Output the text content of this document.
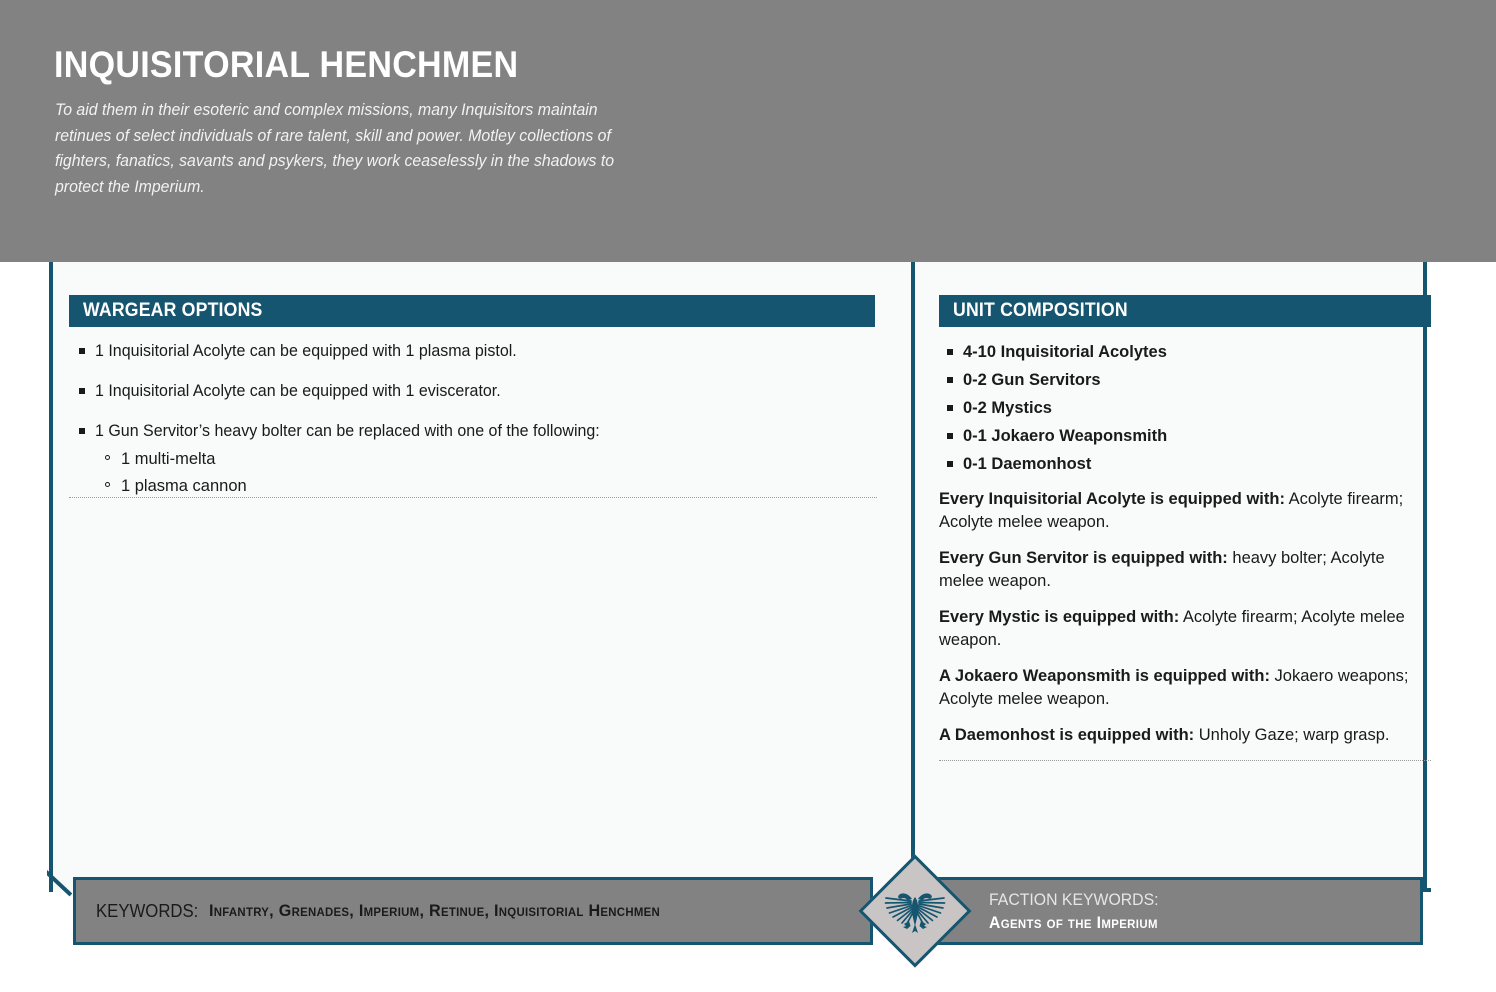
INQUISITORIAL HENCHMEN
To aid them in their esoteric and complex missions, many Inquisitors maintain retinues of select individuals of rare talent, skill and power. Motley collections of fighters, fanatics, savants and psykers, they work ceaselessly in the shadows to protect the Imperium.
WARGEAR OPTIONS
1 Inquisitorial Acolyte can be equipped with 1 plasma pistol.
1 Inquisitorial Acolyte can be equipped with 1 eviscerator.
1 Gun Servitor’s heavy bolter can be replaced with one of the following:
1 multi-melta
1 plasma cannon
UNIT COMPOSITION
4-10 Inquisitorial Acolytes
0-2 Gun Servitors
0-2 Mystics
0-1 Jokaero Weaponsmith
0-1 Daemonhost
Every Inquisitorial Acolyte is equipped with: Acolyte firearm; Acolyte melee weapon.
Every Gun Servitor is equipped with: heavy bolter; Acolyte melee weapon.
Every Mystic is equipped with: Acolyte firearm; Acolyte melee weapon.
A Jokaero Weaponsmith is equipped with: Jokaero weapons; Acolyte melee weapon.
A Daemonhost is equipped with: Unholy Gaze; warp grasp.
KEYWORDS: Infantry, Grenades, Imperium, Retinue, Inquisitorial Henchmen
FACTION KEYWORDS:
Agents of the Imperium
